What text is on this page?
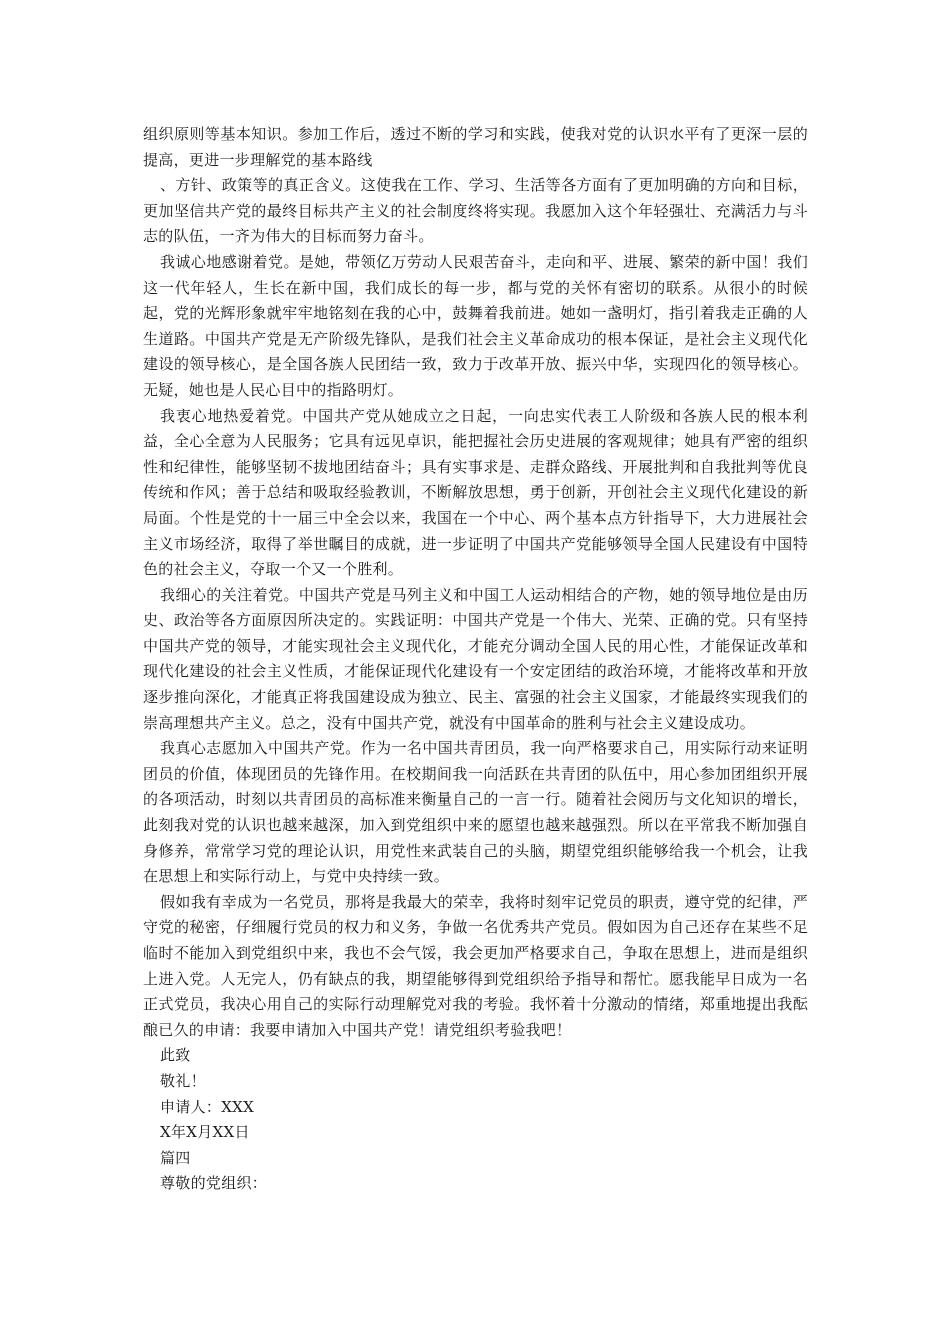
组织原则等基本知识。参加工作后，透过不断的学习和实践，使我对党的认识水平有了更深一层的提高，更进一步理解党的基本路线

、方针、政策等的真正含义。这使我在工作、学习、生活等各方面有了更加明确的方向和目标，更加坚信共产党的最终目标共产主义的社会制度终将实现。我愿加入这个年轻强壮、充满活力与斗志的队伍，一齐为伟大的目标而努力奋斗。

我诚心地感谢着党。是她，带领亿万劳动人民艰苦奋斗，走向和平、进展、繁荣的新中国！我们这一代年轻人，生长在新中国，我们成长的每一步，都与党的关怀有密切的联系。从很小的时候起，党的光辉形象就牢牢地铭刻在我的心中，鼓舞着我前进。她如一盏明灯，指引着我走正确的人生道路。中国共产党是无产阶级先锋队，是我们社会主义革命成功的根本保证，是社会主义现代化建设的领导核心，是全国各族人民团结一致，致力于改革开放、振兴中华，实现四化的领导核心。无疑，她也是人民心目中的指路明灯。

我衷心地热爱着党。中国共产党从她成立之日起，一向忠实代表工人阶级和各族人民的根本利益，全心全意为人民服务；它具有远见卓识，能把握社会历史进展的客观规律；她具有严密的组织性和纪律性，能够坚韧不拔地团结奋斗；具有实事求是、走群众路线、开展批判和自我批判等优良传统和作风；善于总结和吸取经验教训，不断解放思想，勇于创新，开创社会主义现代化建设的新局面。个性是党的十一届三中全会以来，我国在一个中心、两个基本点方针指导下，大力进展社会主义市场经济，取得了举世瞩目的成就，进一步证明了中国共产党能够领导全国人民建设有中国特色的社会主义，夺取一个又一个胜利。

我细心的关注着党。中国共产党是马列主义和中国工人运动相结合的产物，她的领导地位是由历史、政治等各方面原因所决定的。实践证明：中国共产党是一个伟大、光荣、正确的党。只有坚持中国共产党的领导，才能实现社会主义现代化，才能充分调动全国人民的用心性，才能保证改革和现代化建设的社会主义性质，才能保证现代化建设有一个安定团结的政治环境，才能将改革和开放逐步推向深化，才能真正将我国建设成为独立、民主、富强的社会主义国家，才能最终实现我们的崇高理想共产主义。总之，没有中国共产党，就没有中国革命的胜利与社会主义建设成功。

我真心志愿加入中国共产党。作为一名中国共青团员，我一向严格要求自己，用实际行动来证明团员的价值，体现团员的先锋作用。在校期间我一向活跃在共青团的队伍中，用心参加团组织开展的各项活动，时刻以共青团员的高标准来衡量自己的一言一行。随着社会阅历与文化知识的增长，此刻我对党的认识也越来越深，加入到党组织中来的愿望也越来越强烈。所以在平常我不断加强自身修养，常常学习党的理论认识，用党性来武装自己的头脑，期望党组织能够给我一个机会，让我在思想上和实际行动上，与党中央持续一致。

假如我有幸成为一名党员，那将是我最大的荣幸，我将时刻牢记党员的职责，遵守党的纪律，严守党的秘密，仔细履行党员的权力和义务，争做一名优秀共产党员。假如因为自己还存在某些不足临时不能加入到党组织中来，我也不会气馁，我会更加严格要求自己，争取在思想上，进而是组织上进入党。人无完人，仍有缺点的我，期望能够得到党组织给予指导和帮忙。愿我能早日成为一名正式党员，我决心用自己的实际行动理解党对我的考验。我怀着十分激动的情绪，郑重地提出我酝酿已久的申请：我要申请加入中国共产党！请党组织考验我吧！

此致

敬礼！

申请人：XXX

X年X月XX日

篇四

尊敬的党组织：
